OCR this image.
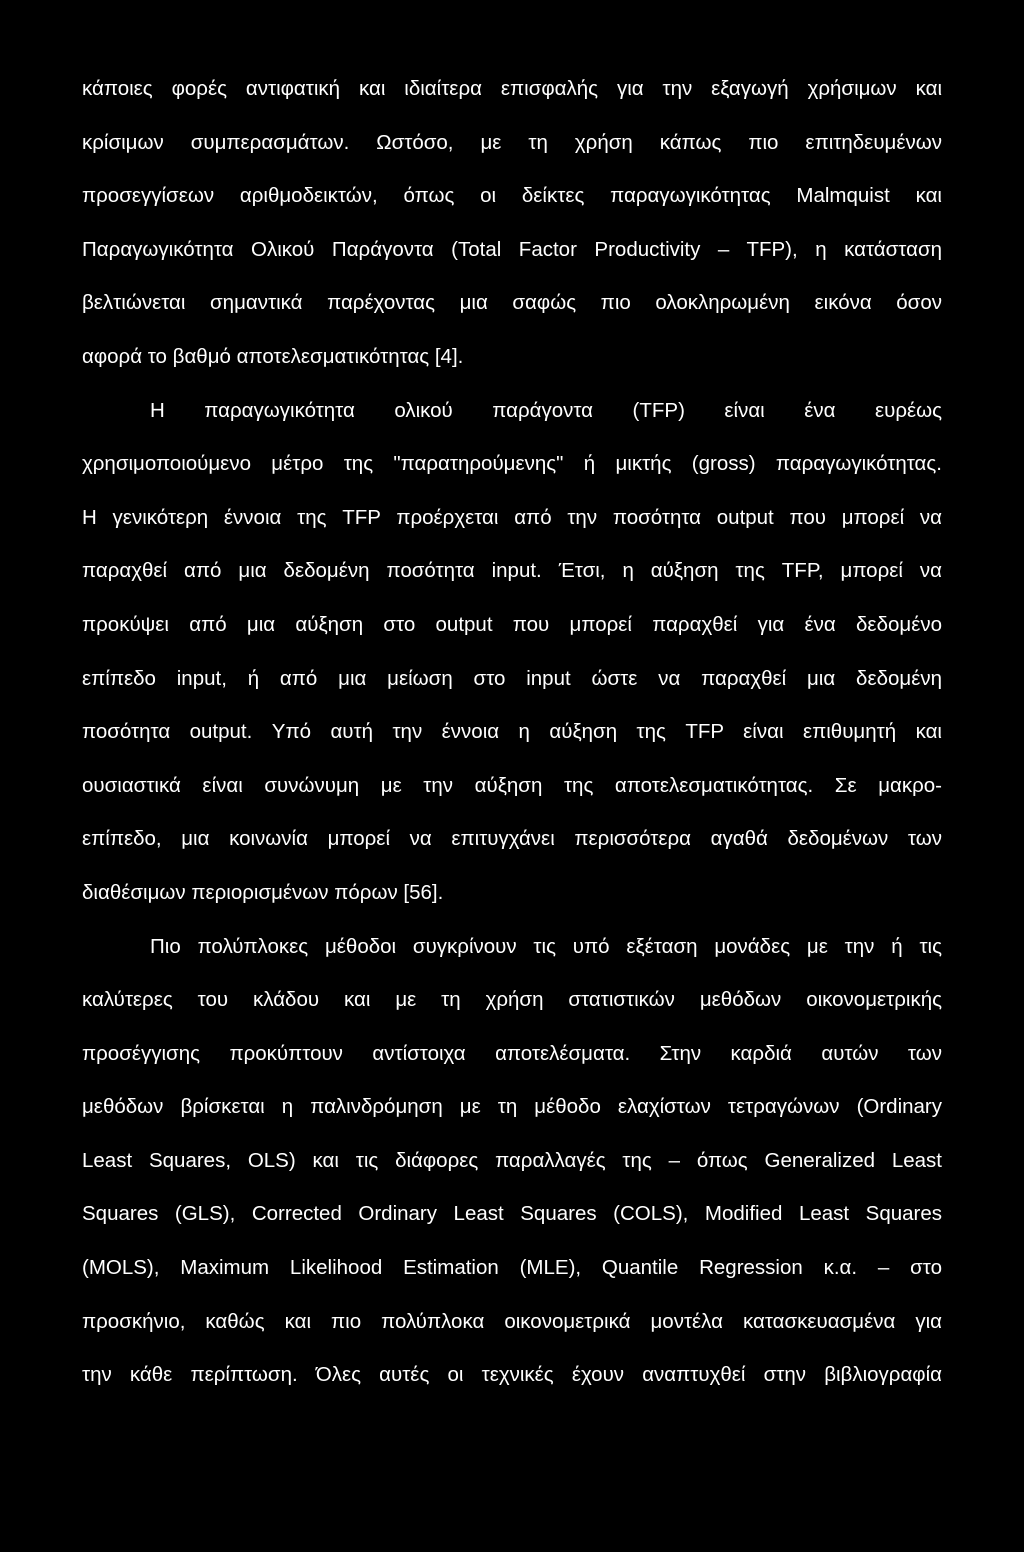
κάποιες φορές αντιφατική και ιδιαίτερα επισφαλής για την εξαγωγή χρήσιμων και
κρίσιμων συμπερασμάτων. Ωστόσο, με τη χρήση κάπως πιο επιτηδευμένων
προσεγγίσεων αριθμοδεικτών, όπως οι δείκτες παραγωγικότητας Malmquist και
Παραγωγικότητα Ολικού Παράγοντα (Total Factor Productivity – TFP), η κατάσταση
βελτιώνεται σημαντικά παρέχοντας μια σαφώς πιο ολοκληρωμένη εικόνα όσον
αφορά το βαθμό αποτελεσματικότητας [4].
Η παραγωγικότητα ολικού παράγοντα (TFP) είναι ένα ευρέως
χρησιμοποιούμενο μέτρο της "παρατηρούμενης" ή μικτής (gross) παραγωγικότητας.
Η γενικότερη έννοια της TFP προέρχεται από την ποσότητα output που μπορεί να
παραχθεί από μια δεδομένη ποσότητα input. Έτσι, η αύξηση της TFP, μπορεί να
προκύψει από μια αύξηση στο output που μπορεί παραχθεί για ένα δεδομένο
επίπεδο input, ή από μια μείωση στο input ώστε να παραχθεί μια δεδομένη
ποσότητα output. Υπό αυτή την έννοια η αύξηση της TFP είναι επιθυμητή και
ουσιαστικά είναι συνώνυμη με την αύξηση της αποτελεσματικότητας. Σε μακρο-
επίπεδο, μια κοινωνία μπορεί να επιτυγχάνει περισσότερα αγαθά δεδομένων των
διαθέσιμων περιορισμένων πόρων [56].
Πιο πολύπλοκες μέθοδοι συγκρίνουν τις υπό εξέταση μονάδες με την ή τις
καλύτερες του κλάδου και με τη χρήση στατιστικών μεθόδων οικονομετρικής
προσέγγισης προκύπτουν αντίστοιχα αποτελέσματα. Στην καρδιά αυτών των
μεθόδων βρίσκεται η παλινδρόμηση με τη μέθοδο ελαχίστων τετραγώνων (Ordinary
Least Squares, OLS) και τις διάφορες παραλλαγές της – όπως Generalized Least
Squares (GLS), Corrected Ordinary Least Squares (COLS), Modified Least Squares
(MOLS), Maximum Likelihood Estimation (MLE), Quantile Regression κ.α. – στο
προσκήνιο, καθώς και πιο πολύπλοκα οικονομετρικά μοντέλα κατασκευασμένα για
την κάθε περίπτωση. Όλες αυτές οι τεχνικές έχουν αναπτυχθεί στην βιβλιογραφία
